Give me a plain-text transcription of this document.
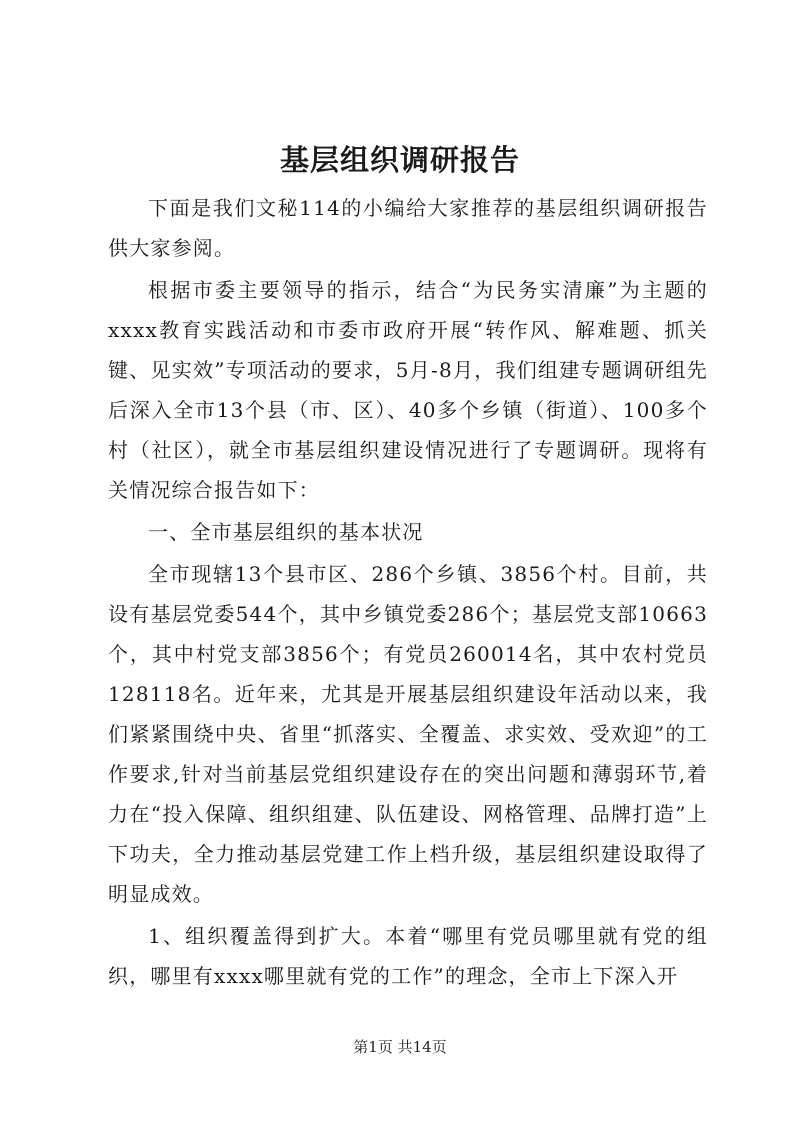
基层组织调研报告

下面是我们文秘114的小编给大家推荐的基层组织调研报告供大家参阅。

根据市委主要领导的指示，结合“为民务实清廉”为主题的xxxx教育实践活动和市委市政府开展“转作风、解难题、抓关键、见实效”专项活动的要求，5月-8月，我们组建专题调研组先后深入全市13个县（市、区）、40多个乡镇（街道）、100多个村（社区），就全市基层组织建设情况进行了专题调研。现将有关情况综合报告如下：

一、全市基层组织的基本状况

全市现辖13个县市区、286个乡镇、3856个村。目前，共设有基层党委544个，其中乡镇党委286个；基层党支部10663个，其中村党支部3856个；有党员260014名，其中农村党员128118名。近年来，尤其是开展基层组织建设年活动以来，我们紧紧围绕中央、省里“抓落实、全覆盖、求实效、受欢迎”的工作要求,针对当前基层党组织建设存在的突出问题和薄弱环节,着力在“投入保障、组织组建、队伍建设、网格管理、品牌打造”上下功夫，全力推动基层党建工作上档升级，基层组织建设取得了明显成效。

1、组织覆盖得到扩大。本着“哪里有党员哪里就有党的组织，哪里有xxxx哪里就有党的工作”的理念，全市上下深入开

第1页 共14页
